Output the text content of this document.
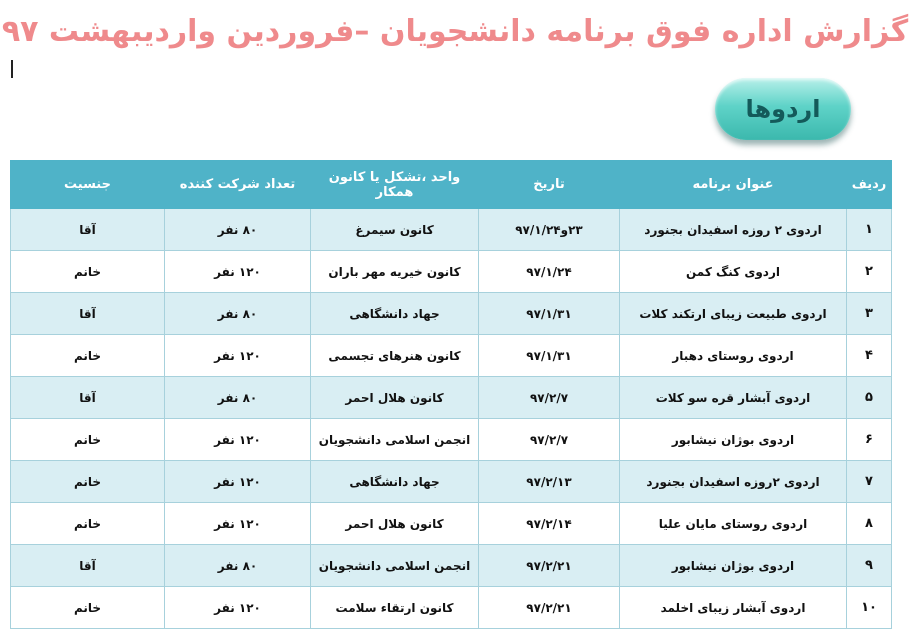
گزارش اداره فوق برنامه دانشجویان –فروردین واردیبهشت ۹۷
اردوها
ردیف	عنوان برنامه	تاریخ	واحد ،تشکل یا کانون همکار	تعداد شرکت کننده	جنسیت
۱	اردوی ۲ روزه اسفیدان بجنورد	۲۳و۹۷/۱/۲۴	کانون سیمرغ	۸۰ نفر	آقا
۲	اردوی کنگ کمن	۹۷/۱/۲۴	کانون خیریه مهر باران	۱۲۰ نفر	خانم
۳	اردوی طبیعت زیبای ارتکند کلات	۹۷/۱/۳۱	جهاد دانشگاهی	۸۰ نفر	آقا
۴	اردوی روستای دهبار	۹۷/۱/۳۱	کانون هنرهای تجسمی	۱۲۰ نفر	خانم
۵	اردوی آبشار قره سو کلات	۹۷/۲/۷	کانون هلال احمر	۸۰ نفر	آقا
۶	اردوی بوژان نیشابور	۹۷/۲/۷	انجمن اسلامی دانشجویان	۱۲۰ نفر	خانم
۷	اردوی ۲روزه اسفیدان بجنورد	۹۷/۲/۱۳	جهاد دانشگاهی	۱۲۰ نفر	خانم
۸	اردوی روستای مایان علیا	۹۷/۲/۱۴	کانون هلال احمر	۱۲۰ نفر	خانم
۹	اردوی بوژان نیشابور	۹۷/۲/۲۱	انجمن اسلامی دانشجویان	۸۰ نفر	آقا
۱۰	اردوی آبشار زیبای اخلمد	۹۷/۲/۲۱	کانون ارتقاء سلامت	۱۲۰ نفر	خانم
